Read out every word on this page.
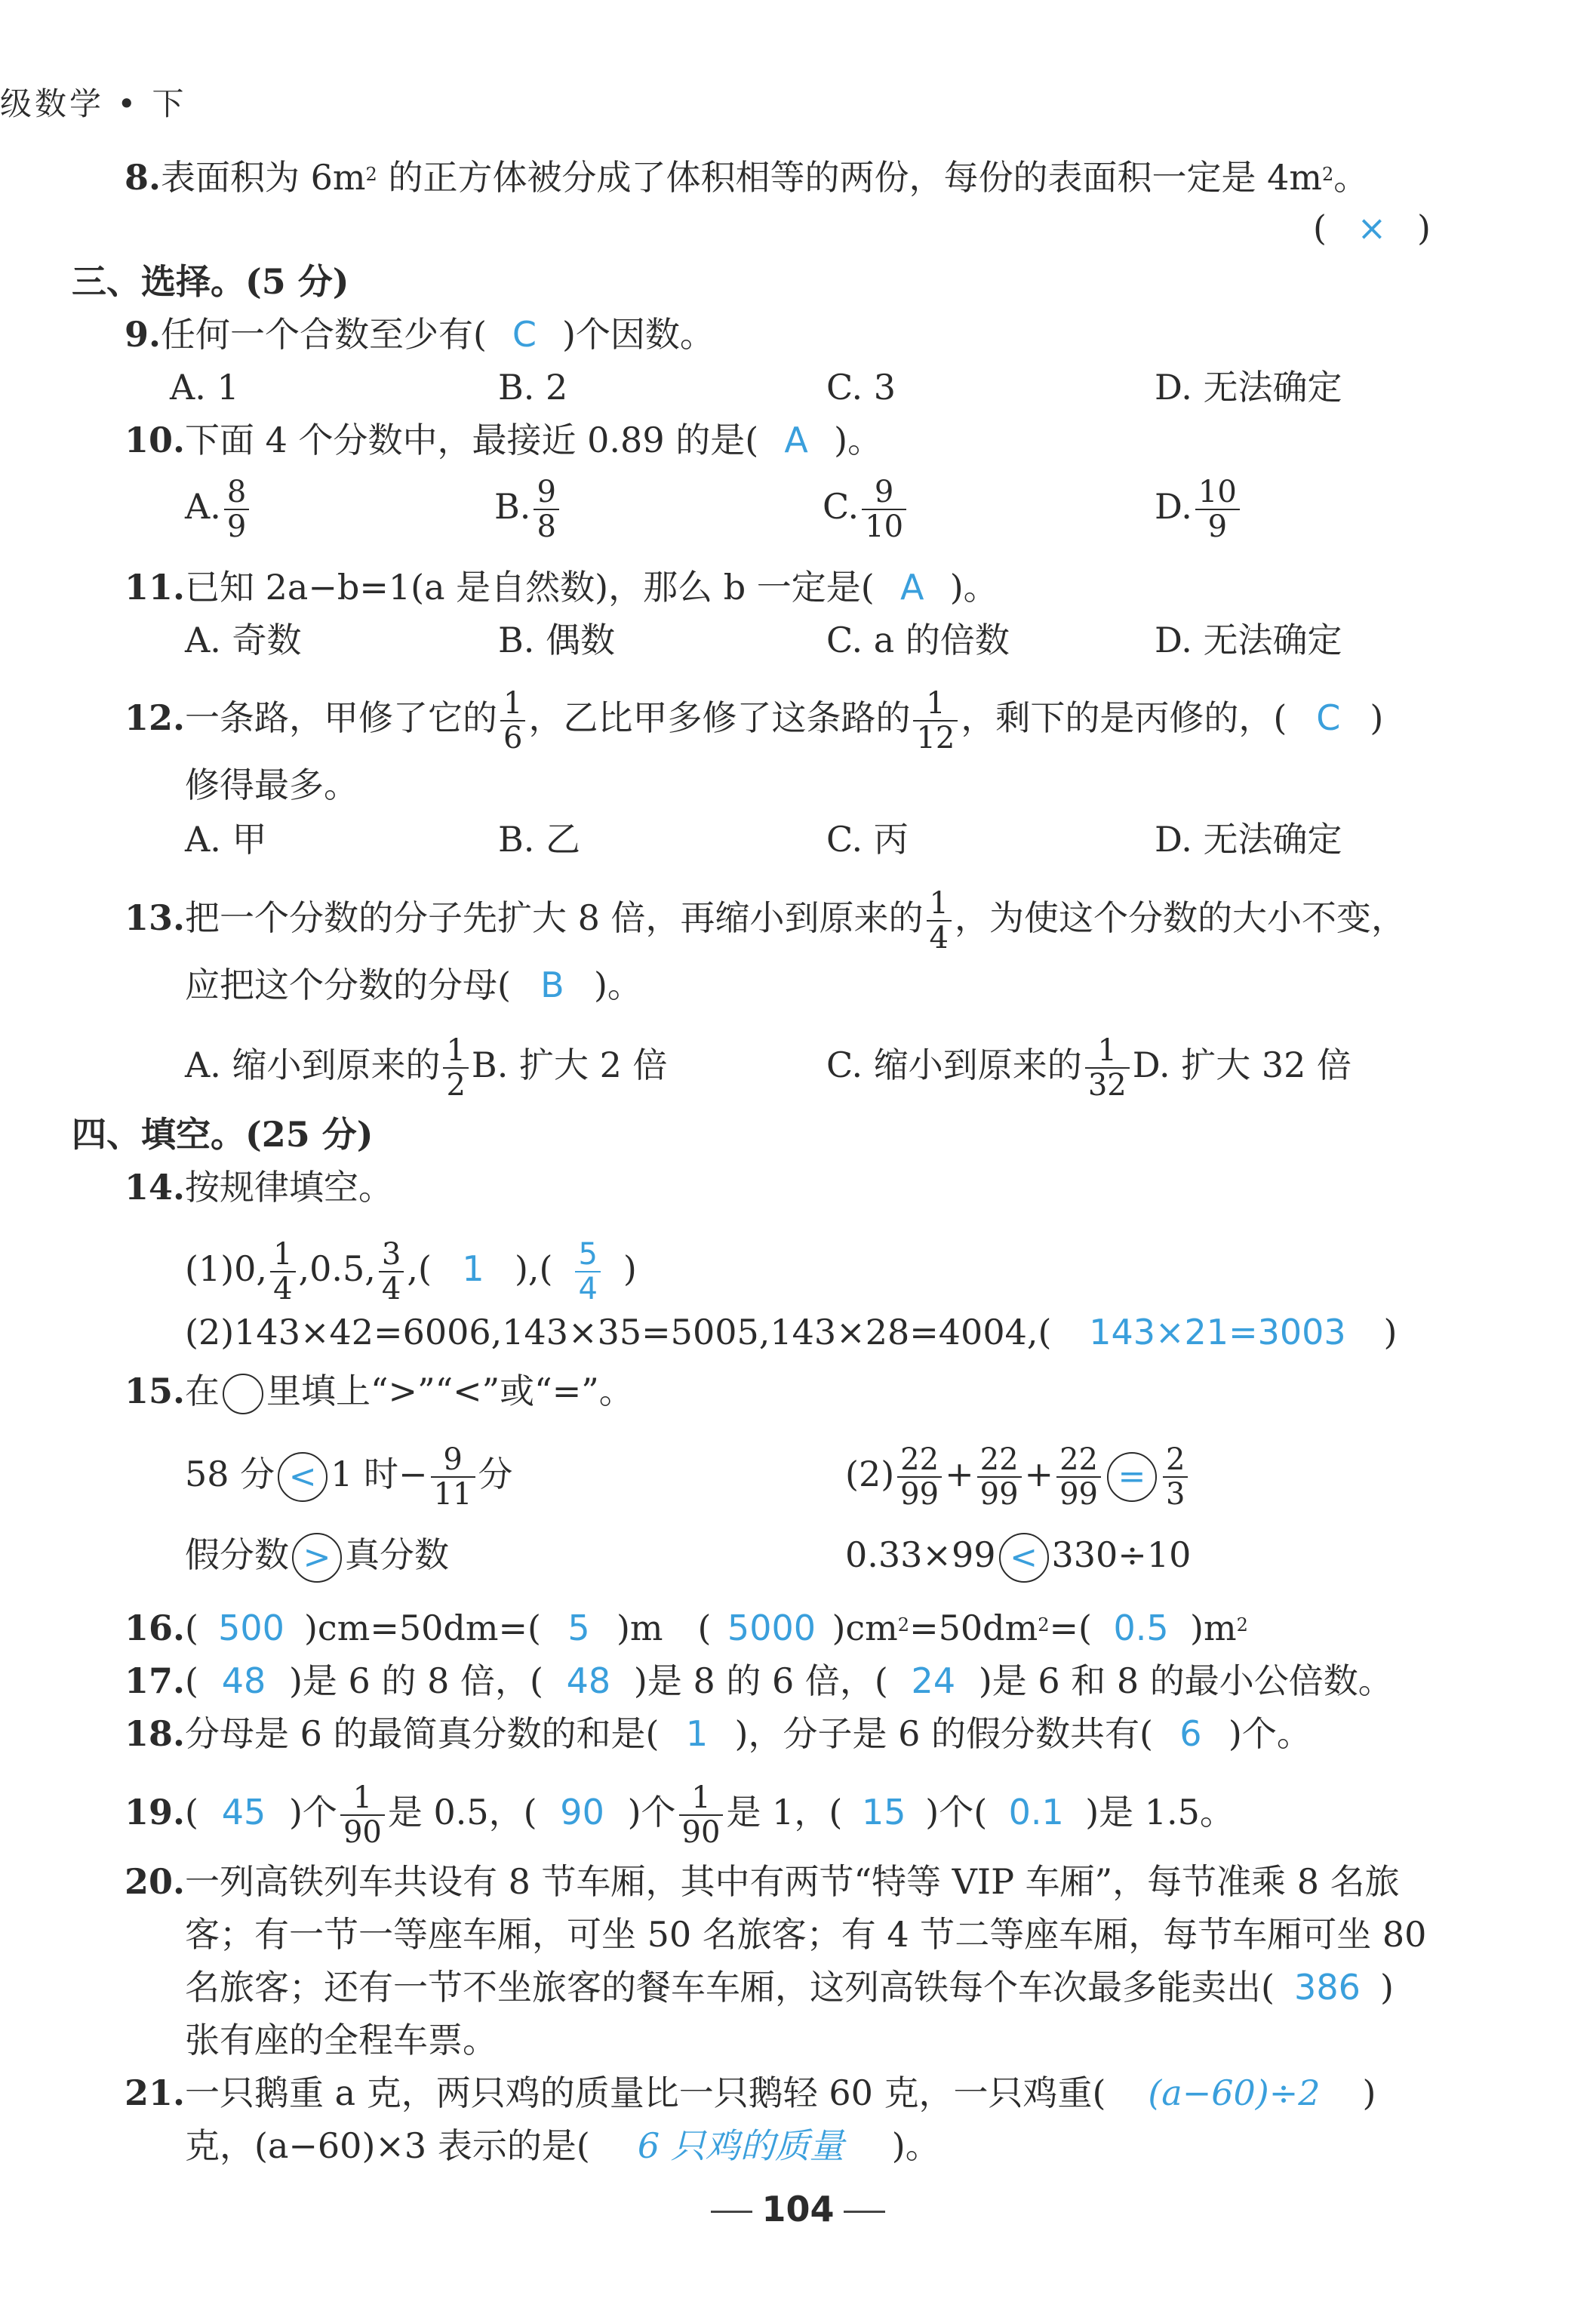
级数学 • 下
8.表面积为 $6m^2$ 的正方体被分成了体积相等的两份，每份的表面积一定是 $4m^2$。
( × )
三、选择。(5 分)
9.任何一个合数至少有( C )个因数。
A. 1	B. 2	C. 3	D. 无法确定
10.下面 4 个分数中，最接近 0.89 的是( A )。
A. $\frac{8}{9}$	B. $\frac{9}{8}$	C. $\frac{9}{10}$	D. $\frac{10}{9}$
11.已知 2a−b=1(a 是自然数)，那么 b 一定是( A )。
A. 奇数	B. 偶数	C. a 的倍数	D. 无法确定
12.一条路，甲修了它的 $\frac{1}{6}$ ，乙比甲多修了这条路的 $\frac{1}{12}$ ，剩下的是丙修的，( C )
修得最多。
A. 甲	B. 乙	C. 丙	D. 无法确定
13.把一个分数的分子先扩大 8 倍，再缩小到原来的 $\frac{1}{4}$ ，为使这个分数的大小不变，
应把这个分数的分母( B )。
A. 缩小到原来的 $\frac{1}{2} B$. 扩大 2 倍	C. 缩小到原来的 $\frac{1}{32} D$. 扩大 32 倍
四、填空。(25 分)
14.按规律填空。
(1)0, $\frac{1}{4} ,0.5$, $\frac{3}{4}$ ,( 1 ),( $\frac{5}{4}$ )
(2)143×42=6006,143×35=5005,143×28=4004,( 143×21=3003 )
15.在 里填上“>”“<”或“=”。
58 分 < 1 时− $\frac{9}{11}$ 分	$(2) \frac{22}{99} + \frac{22}{99} + \frac{22}{99} = \frac{2}{3}$
假分数 > 真分数	0.33×99 < 330÷10
16.( 500 )cm=50dm=( 5 )m　( 5000 )$cm^2=50dm^2=$( 0.5 )$m^2$
17.( 48 )是 6 的 8 倍，( 48 )是 8 的 6 倍，( 24 )是 6 和 8 的最小公倍数。
18.分母是 6 的最简真分数的和是( 1 )，分子是 6 的假分数共有( 6 )个。
19.( 45 )个 $\frac{1}{90}$ 是 0.5，( 90 )个 $\frac{1}{90}$ 是 1，( 15 )个( 0.1 )是 1.5。
20.一列高铁列车共设有 8 节车厢，其中有两节“特等 VIP 车厢”，每节准乘 8 名旅
客；有一节一等座车厢，可坐 50 名旅客；有 4 节二等座车厢，每节车厢可坐 80
名旅客；还有一节不坐旅客的餐车车厢，这列高铁每个车次最多能卖出( 386 )
张有座的全程车票。
21.一只鹅重 a 克，两只鸡的质量比一只鹅轻 60 克，一只鸡重( (a−60)÷2 )
克，(a−60)×3 表示的是( 6 只鸡的质量 )。
104
